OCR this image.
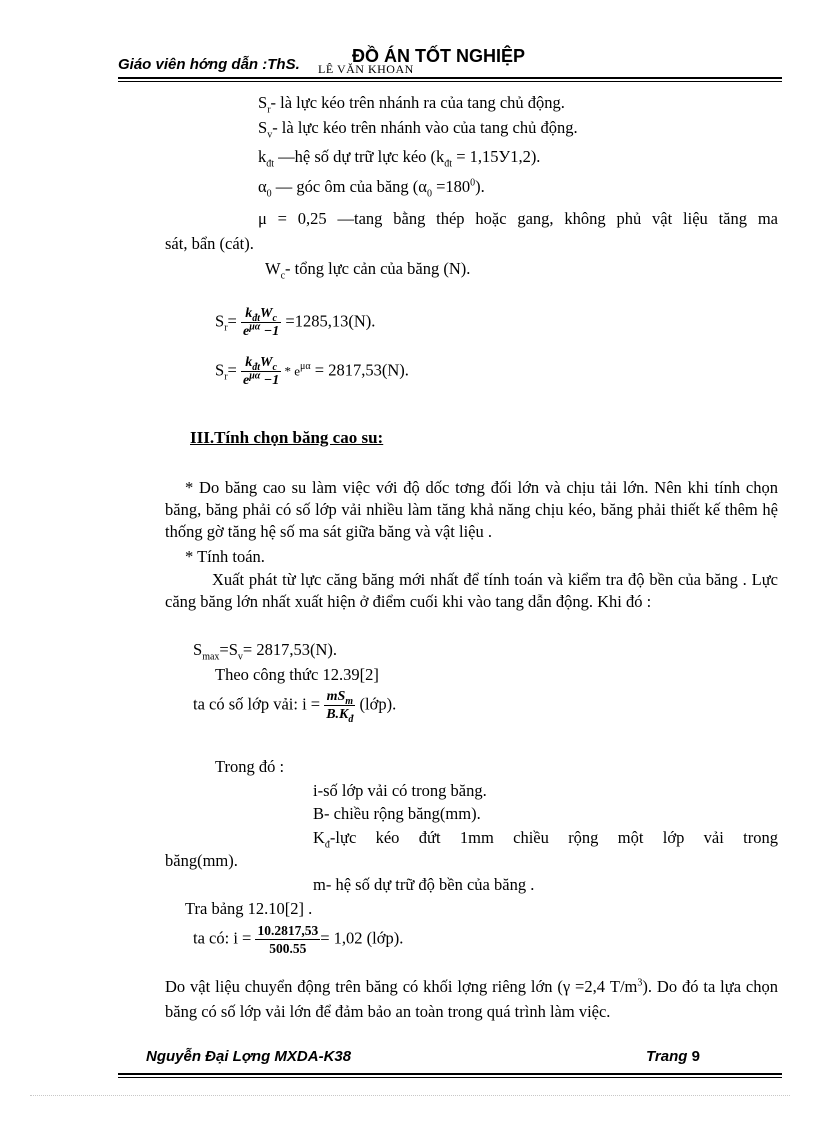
Giáo viên hớng dẫn :ThS. LÊ VĂN KHOAN
ĐỒ ÁN TỐT NGHIỆP
$S_r-$ là lực kéo trên nhánh ra của tang chủ động.
$S_v-$ là lực kéo trên nhánh vào của tang chủ động.
$k_{đt}$ —hệ số dự trữ lực kéo $(k_{đt} = 1,15У1,2)$.
$\alpha_0$ — góc ôm của băng $(\alpha_0 =180^0)$.
μ = 0,25 —tang bằng thép hoặc gang, không phủ vật liệu tăng ma
sát, bẩn (cát).
$W_c-$ tổng lực cản của băng (N).
$S_r= \frac{k_{đt}W_c}{e^{\mu\alpha} -1} =1285,13(N)$.
$S_r= \frac{k_{đt}W_c}{e^{\mu\alpha} -1} * e^{\mu\alpha} = 2817,53(N)$.
III.Tính chọn băng cao su:
* Do băng cao su làm việc với độ dốc tơng đối lớn và chịu tải lớn. Nên khi tính chọn băng, băng phải có số lớp vải nhiều làm tăng khả năng chịu kéo, băng phải thiết kế thêm hệ thống gờ tăng hệ số ma sát giữa băng và vật liệu .
* Tính toán.
Xuất phát từ lực căng băng mới nhất để tính toán và kiểm tra độ bền của băng . Lực căng băng lớn nhất xuất hiện ở điểm cuối khi vào tang dẫn động. Khi đó :
$S_{max}=S_v= 2817,53(N)$.
Theo công thức 12.39[2]
ta có số lớp vải: $i = \frac{mS_m}{B.K_đ}$ (lớp).
Trong đó :
i-số lớp vải có trong băng.
B- chiều rộng băng(mm).
$K_đ$-lực kéo đứt 1mm chiều rộng một lớp vải trong
băng(mm).
m- hệ số dự trữ độ bền của băng .
Tra bảng 12.10[2] .
ta có: $i = \frac{10.2817,53}{500.55} = 1,02$ (lớp).
Do vật liệu chuyển động trên băng có khối lợng riêng lớn (γ =2,4 $T/m^3$). Do đó ta lựa chọn băng có số lớp vải lớn để đảm bảo an toàn trong quá trình làm việc.
Nguyễn Đại Lợng MXDA-K38	Trang 9
